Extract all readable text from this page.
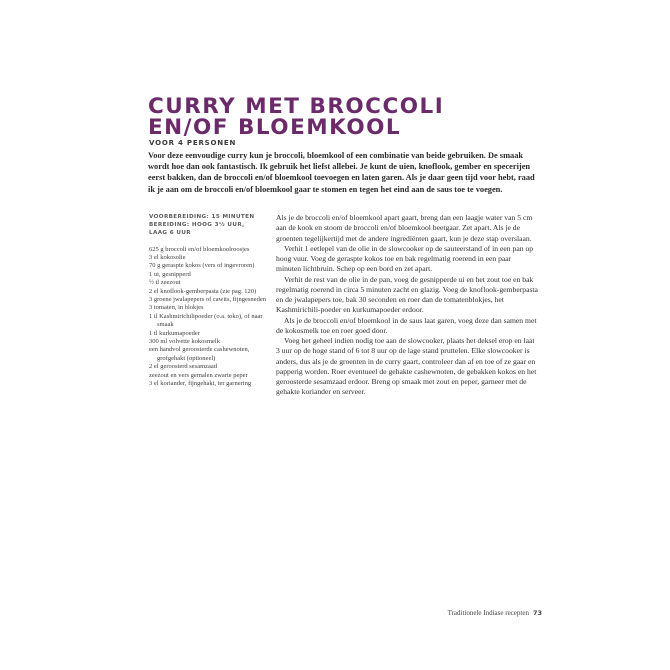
CURRY MET BROCCOLI
EN/OF BLOEMKOOL

VOOR 4 PERSONEN

Voor deze eenvoudige curry kun je broccoli, bloemkool of een combinatie van beide gebruiken. De smaak wordt hoe dan ook fantastisch. Ik gebruik het liefst allebei. Je kunt de uien, knoflook, gember en specerijen eerst bakken, dan de broccoli en/of bloemkool toevoegen en laten garen. Als je daar geen tijd voor hebt, raad ik je aan om de broccoli en/of bloemkool gaar te stomen en tegen het eind aan de saus toe te voegen.

VOORBEREIDING: 15 MINUTEN
BEREIDING: HOOG 3½ UUR,
LAAG 6 UUR
625 g broccoli en/of bloemkoolroosjes
3 el kokosolie
70 g geraspte kokos (vers of ingevroren)
1 ui, gesnipperd
½ tl zeezout
2 el knoflook-gemberpasta (zie pag. 120)
3 groene jwalapepers of cawits, fijngesneden
3 tomaten, in blokjes
1 tl Kashmirichilipoeder (o.a. toko), of naar smaak
1 tl kurkumapoeder
300 ml volvette kokosmelk
een handvol geroosterde cashewnoten, grofgehakt (optioneel)
2 el geroosterd sesamzaad
zeezout en vers gemalen zwarte peper
3 el koriander, fijngehakt, ter garnering

Als je de broccoli en/of bloemkool apart gaart, breng dan een laagje water van 5 cm aan de kook en stoom de broccoli en/of bloemkool beetgaar. Zet apart. Als je de groenten tegelijkertijd met de andere ingrediënten gaart, kun je deze stap overslaan.

Verhit 1 eetlepel van de olie in de slowcooker op de sauteerstand of in een pan op hoog vuur. Voeg de geraspte kokos toe en bak regelmatig roerend in een paar minuten lichtbruin. Schep op een bord en zet apart.

Verhit de rest van de olie in de pan, voeg de gesnipperde ui en het zout toe en bak regelmatig roerend in circa 5 minuten zacht en glazig. Voeg de knoflook-gemberpasta en de jwalapepers toe, bak 30 seconden en roer dan de tomatenblokjes, het Kashmirichili-poeder en kurkumapoeder erdoor.

Als je de broccoli en/of bloemkool in de saus laat garen, voeg deze dan samen met de kokosmelk toe en roer goed door.

Voeg het geheel indien nodig toe aan de slowcooker, plaats het deksel erop en laat 3 uur op de hoge stand of 6 tot 8 uur op de lage stand pruttelen. Elke slowcooker is anders, dus als je de groenten in de curry gaart, controleer dan af en toe of ze gaar en papperig worden. Roer eventueel de gehakte cashewnoten, de gebakken kokos en het geroosterde sesamzaad erdoor. Breng op smaak met zout en peper, garneer met de gehakte koriander en serveer.

Traditionele Indiase recepten 73
